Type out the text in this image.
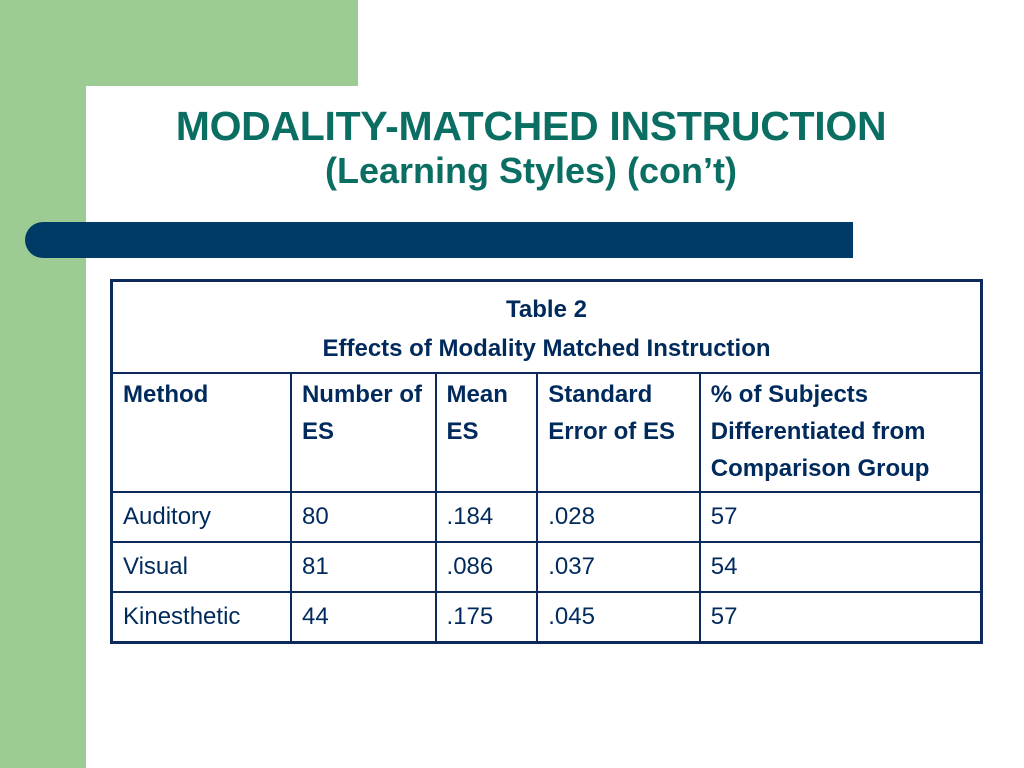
MODALITY-MATCHED INSTRUCTION
(Learning Styles) (con’t)
Table 2
Effects of Modality Matched Instruction				
Method	Number of ES	Mean ES	Standard Error of ES	% of Subjects Differentiated from Comparison Group
Auditory	80	.184	.028	57
Visual	81	.086	.037	54
Kinesthetic	44	.175	.045	57
